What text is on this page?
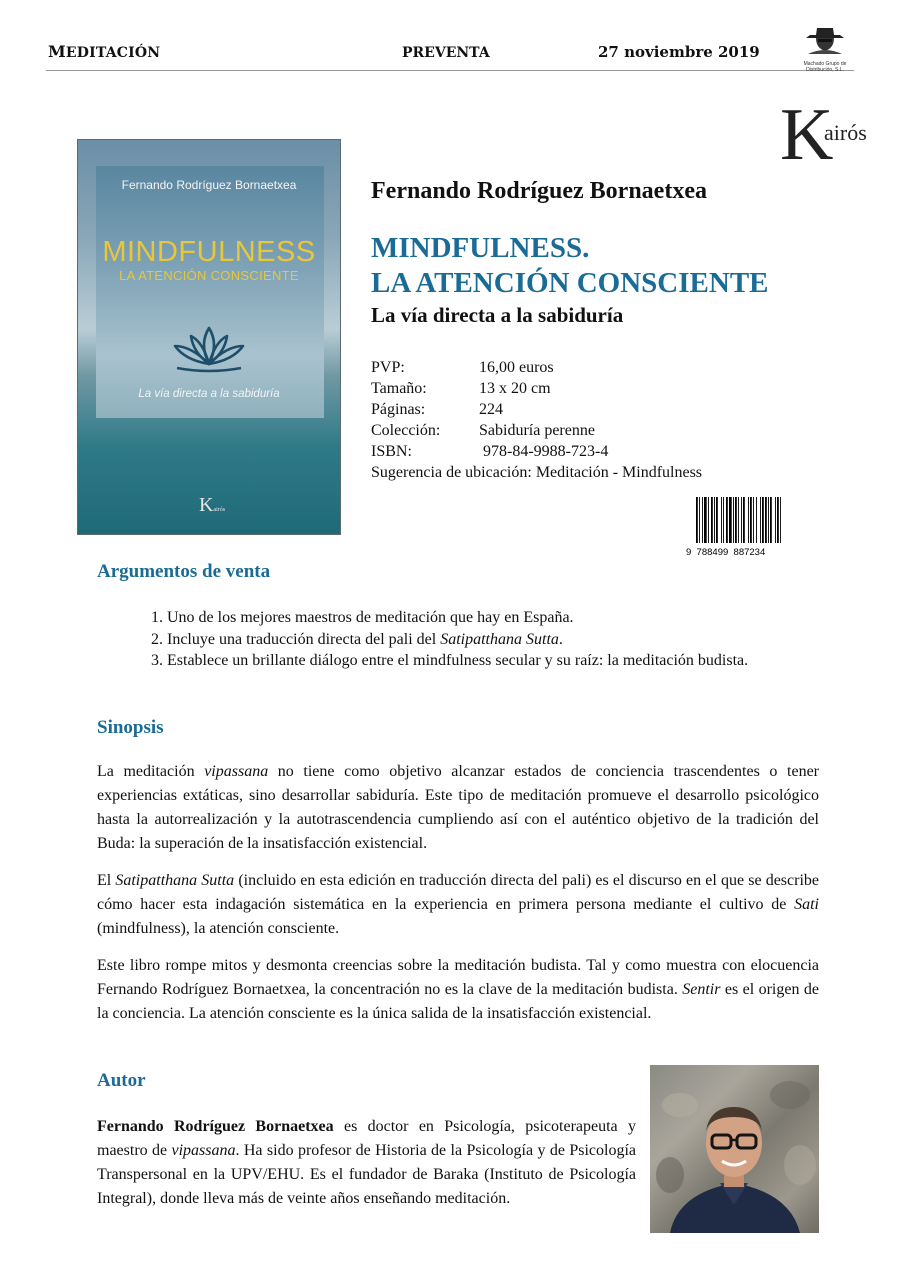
MEDITACIÓN	PREVENTA	27 noviembre 2019
Machado Grupo de Distribución, S.L.
K
airós
Fernando Rodríguez Bornaetxea
MINDFULNESS
LA ATENCIÓN CONSCIENTE
La vía directa a la sabiduría
Kairós
Fernando Rodríguez Bornaetxea
MINDFULNESS.
LA ATENCIÓN CONSCIENTE
La vía directa a la sabiduría
PVP:	16,00 euros
Tamaño:	13 x 20 cm
Páginas:	224
Colección:	Sabiduría perenne
ISBN:	978-84-9988-723-4
Sugerencia de ubicación: Meditación - Mindfulness
9  788499  887234
Argumentos de venta
1. Uno de los mejores maestros de meditación que hay en España.
2. Incluye una traducción directa del pali del Satipatthana Sutta.
3. Establece un brillante diálogo entre el mindfulness secular y su raíz: la meditación budista.
Sinopsis
La meditación vipassana no tiene como objetivo alcanzar estados de conciencia trascendentes o tener experiencias extáticas, sino desarrollar sabiduría. Este tipo de meditación promueve el desarrollo psicológico hasta la autorrealización y la autotrascendencia cumpliendo así con el auténtico objetivo de la tradición del Buda: la superación de la insatisfacción existencial.
El Satipatthana Sutta (incluido en esta edición en traducción directa del pali) es el discurso en el que se describe cómo hacer esta indagación sistemática en la experiencia en primera persona mediante el cultivo de Sati (mindfulness), la atención consciente.
Este libro rompe mitos y desmonta creencias sobre la meditación budista. Tal y como muestra con elocuencia Fernando Rodríguez Bornaetxea, la concentración no es la clave de la meditación budista. Sentir es el origen de la conciencia. La atención consciente es la única salida de la insatisfacción existencial.
Autor
Fernando Rodríguez Bornaetxea es doctor en Psicología, psicoterapeuta y maestro de vipassana. Ha sido profesor de Historia de la Psicología y de Psicología Transpersonal en la UPV/EHU. Es el fundador de Baraka (Instituto de Psicología Integral), donde lleva más de veinte años enseñando meditación.
